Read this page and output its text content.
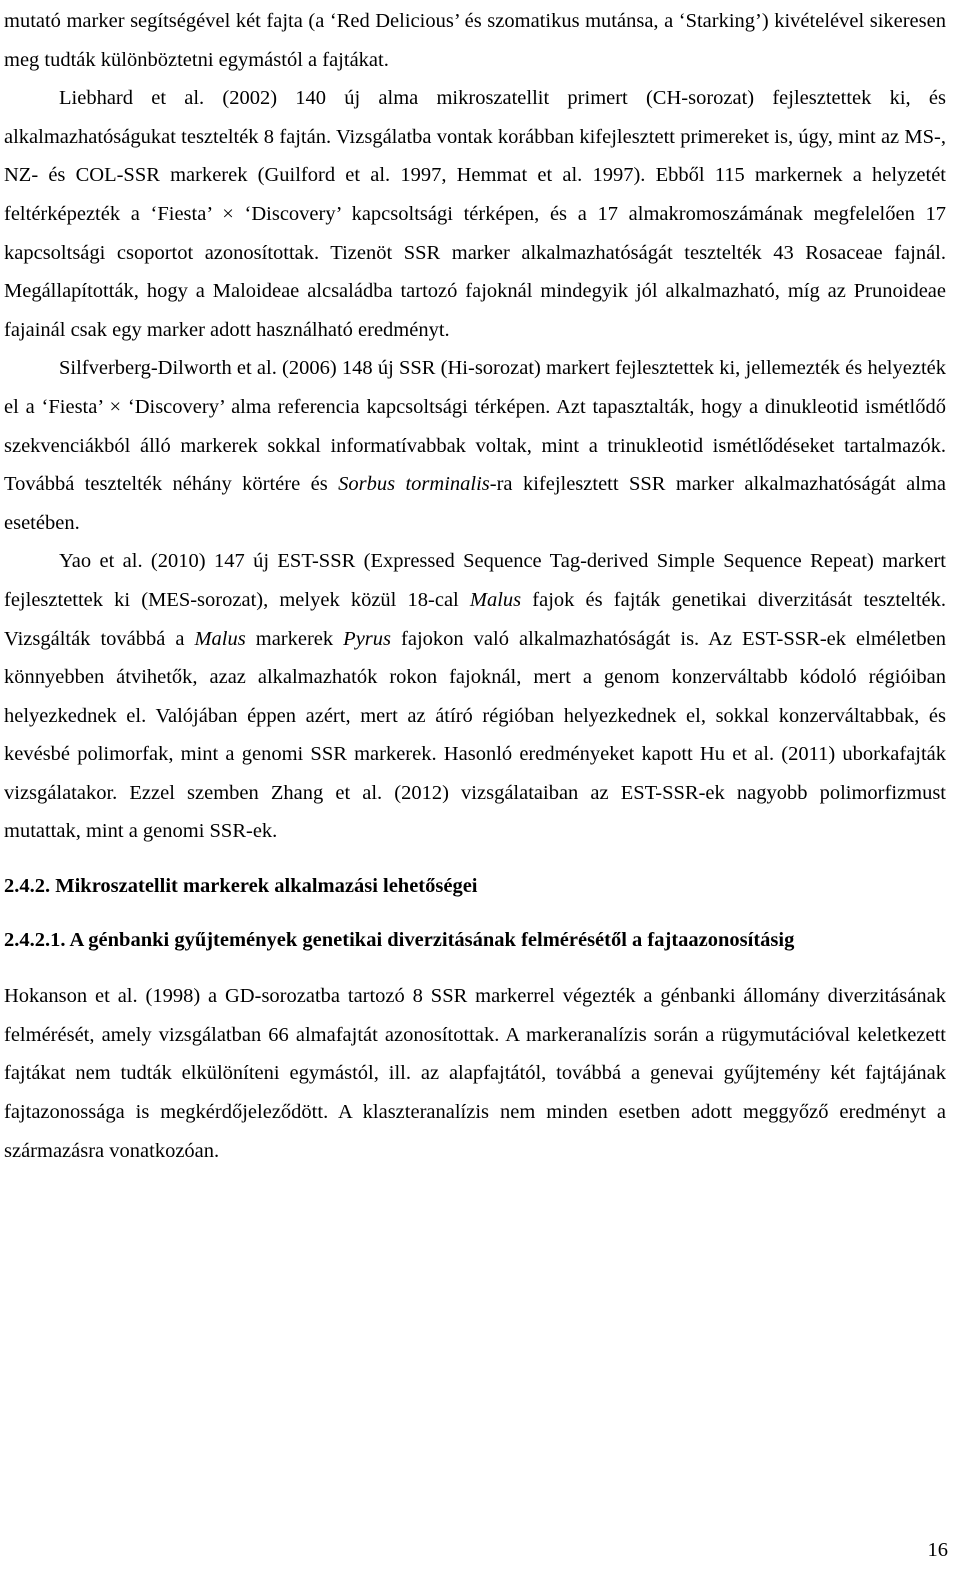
mutató marker segítségével két fajta (a ‘Red Delicious’ és szomatikus mutánsa, a ‘Starking’) kivételével sikeresen meg tudták különböztetni egymástól a fajtákat.

Liebhard et al. (2002) 140 új alma mikroszatellit primert (CH-sorozat) fejlesztettek ki, és alkalmazhatóságukat tesztelték 8 fajtán. Vizsgálatba vontak korábban kifejlesztett primereket is, úgy, mint az MS-, NZ- és COL-SSR markerek (Guilford et al. 1997, Hemmat et al. 1997). Ebből 115 markernek a helyzetét feltérképezték a ‘Fiesta’ × ‘Discovery’ kapcsoltsági térképen, és a 17 almakromoszámának megfelelően 17 kapcsoltsági csoportot azonosítottak. Tizenöt SSR marker alkalmazhatóságát tesztelték 43 Rosaceae fajnál. Megállapították, hogy a Maloideae alcsaládba tartozó fajoknál mindegyik jól alkalmazható, míg az Prunoideae fajainál csak egy marker adott használható eredményt.

Silfverberg-Dilworth et al. (2006) 148 új SSR (Hi-sorozat) markert fejlesztettek ki, jellemezték és helyezték el a ‘Fiesta’ × ‘Discovery’ alma referencia kapcsoltsági térképen. Azt tapasztalták, hogy a dinukleotid ismétlődő szekvenciákból álló markerek sokkal informatívabbak voltak, mint a trinukleotid ismétlődéseket tartalmazók. Továbbá tesztelték néhány körtére és Sorbus torminalis-ra kifejlesztett SSR marker alkalmazhatóságát alma esetében.

Yao et al. (2010) 147 új EST-SSR (Expressed Sequence Tag-derived Simple Sequence Repeat) markert fejlesztettek ki (MES-sorozat), melyek közül 18-cal Malus fajok és fajták genetikai diverzitását tesztelték. Vizsgálták továbbá a Malus markerek Pyrus fajokon való alkalmazhatóságát is. Az EST-SSR-ek elméletben könnyebben átvihetők, azaz alkalmazhatók rokon fajoknál, mert a genom konzerváltabb kódoló régióiban helyezkednek el. Valójában éppen azért, mert az átíró régióban helyezkednek el, sokkal konzerváltabbak, és kevésbé polimorfak, mint a genomi SSR markerek. Hasonló eredményeket kapott Hu et al. (2011) uborkafajták vizsgálatakor. Ezzel szemben Zhang et al. (2012) vizsgálataiban az EST-SSR-ek nagyobb polimorfizmust mutattak, mint a genomi SSR-ek.

2.4.2. Mikroszatellit markerek alkalmazási lehetőségei
2.4.2.1. A génbanki gyűjtemények genetikai diverzitásának felmérésétől a fajtaazonosításig

Hokanson et al. (1998) a GD-sorozatba tartozó 8 SSR markerrel végezték a génbanki állomány diverzitásának felmérését, amely vizsgálatban 66 almafajtát azonosítottak. A markeranalízis során a rügymutációval keletkezett fajtákat nem tudták elkülöníteni egymástól, ill. az alapfajtától, továbbá a genevai gyűjtemény két fajtájának fajtazonossága is megkérdőjeleződött. A klaszteranalízis nem minden esetben adott meggyőző eredményt a származásra vonatkozóan.

16
